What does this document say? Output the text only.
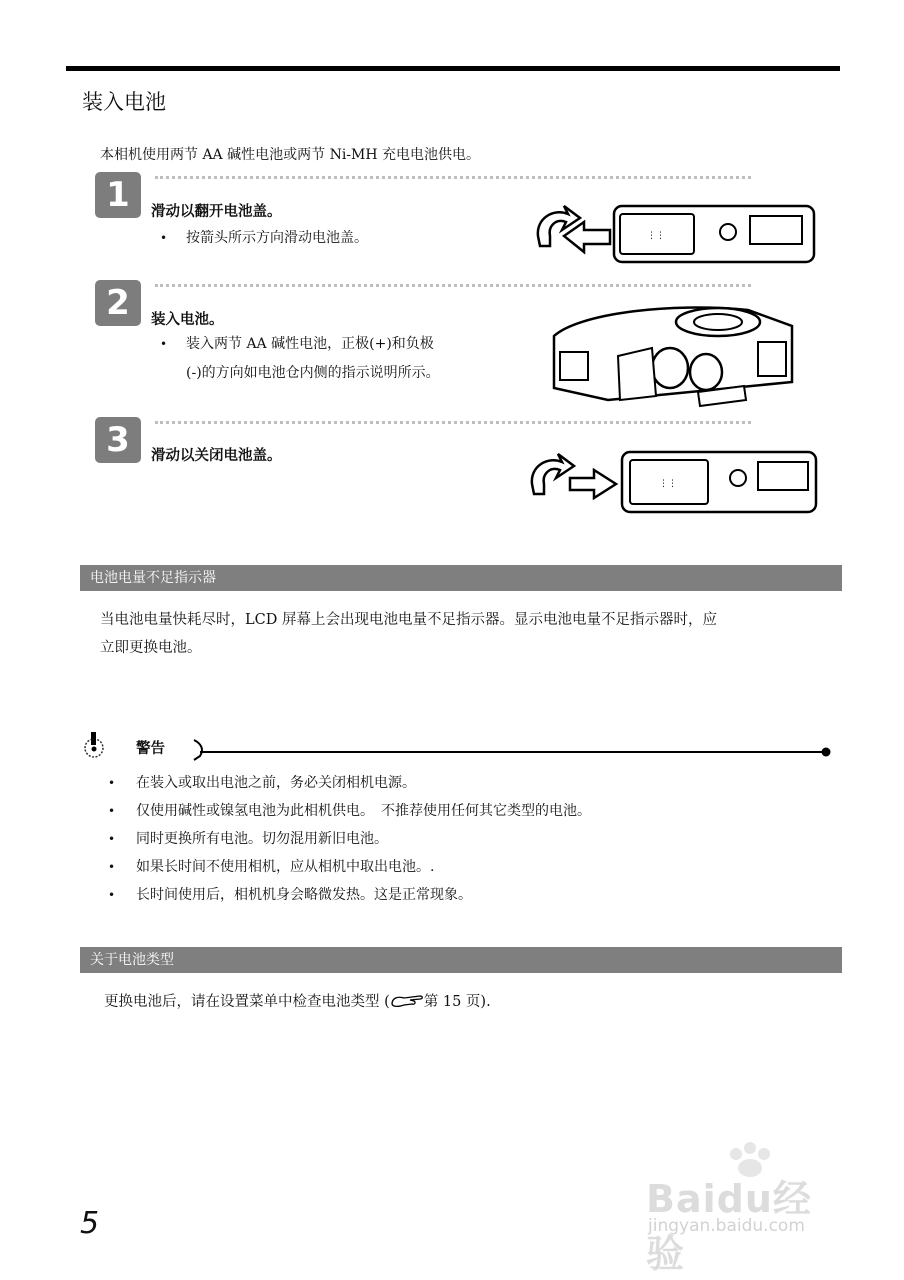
装入电池
本相机使用两节 AA 碱性电池或两节 Ni-MH 充电电池供电。
1	滑动以翻开电池盖。
• 按箭头所示方向滑动电池盖。	⋮⋮
2	装入电池。
• 装入两节 AA 碱性电池，正极(+)和负极
(-)的方向如电池仓内侧的指示说明所示。
3	滑动以关闭电池盖。
⋮⋮
电池电量不足指示器
当电池电量快耗尽时，LCD 屏幕上会出现电池电量不足指示器。显示电池电量不足指示器时，应
立即更换电池。
警告
• 在装入或取出电池之前，务必关闭相机电源。
• 仅使用碱性或镍氢电池为此相机供电。　不推荐使用任何其它类型的电池。
• 同时更换所有电池。切勿混用新旧电池。
• 如果长时间不使用相机，应从相机中取出电池。.
• 长时间使用后，相机机身会略微发热。这是正常现象。
关于电池类型
更换电池后，请在设置菜单中检查电池类型 ( 第 15 页).
5
Baidu经验
jingyan.baidu.com
